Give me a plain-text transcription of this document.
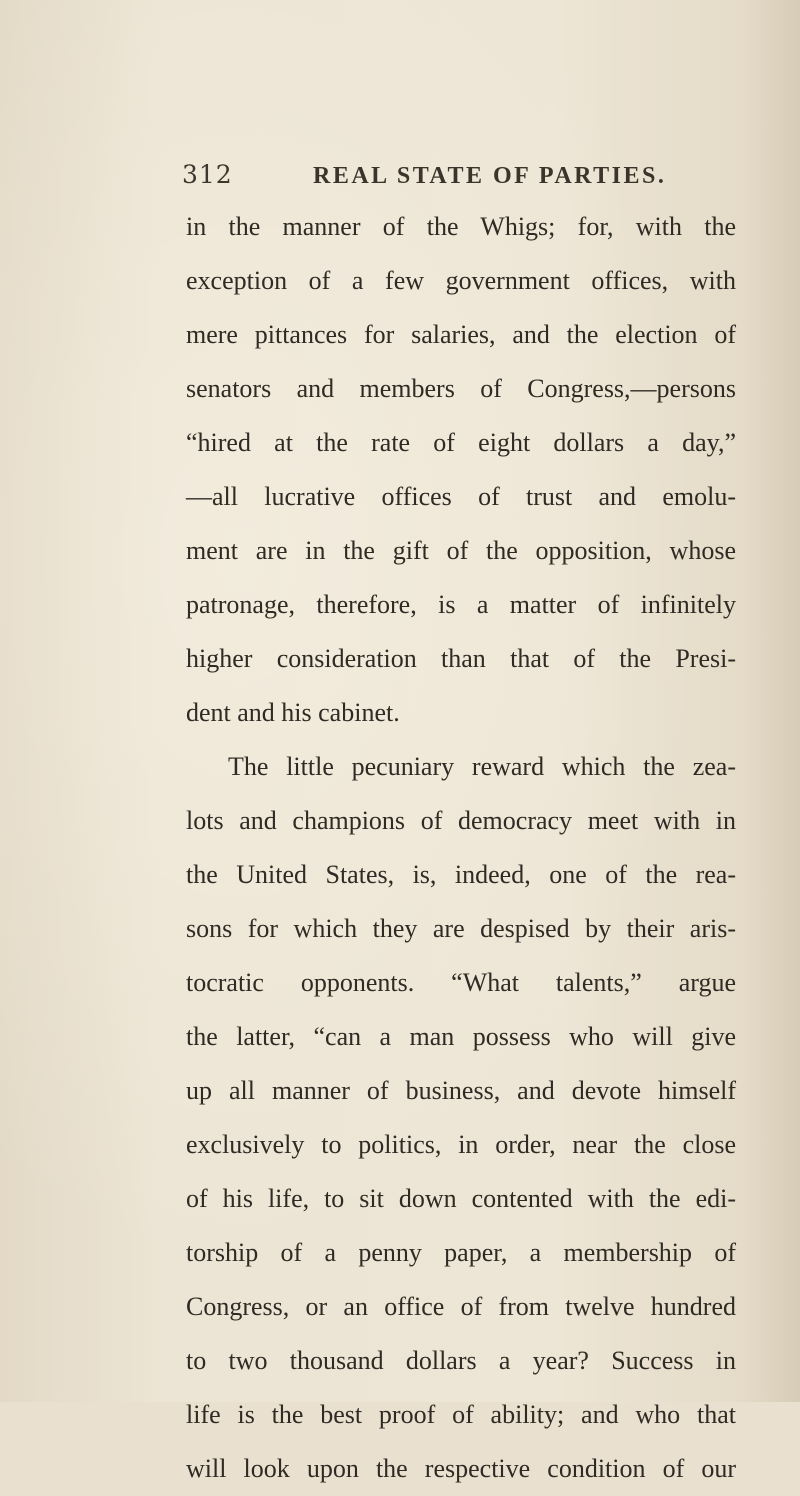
312	REAL STATE OF PARTIES.
in the manner of the Whigs; for, with the
exception of a few government offices, with
mere pittances for salaries, and the election of
senators and members of Congress,—persons
“hired at the rate of eight dollars a day,”
—all lucrative offices of trust and emolu-
ment are in the gift of the opposition, whose
patronage, therefore, is a matter of infinitely
higher consideration than that of the Presi-
dent and his cabinet.
The little pecuniary reward which the zea-
lots and champions of democracy meet with in
the United States, is, indeed, one of the rea-
sons for which they are despised by their aris-
tocratic opponents. “What talents,” argue
the latter, “can a man possess who will give
up all manner of business, and devote himself
exclusively to politics, in order, near the close
of his life, to sit down contented with the edi-
torship of a penny paper, a membership of
Congress, or an office of from twelve hundred
to two thousand dollars a year? Success in
life is the best proof of ability; and who that
will look upon the respective condition of our
